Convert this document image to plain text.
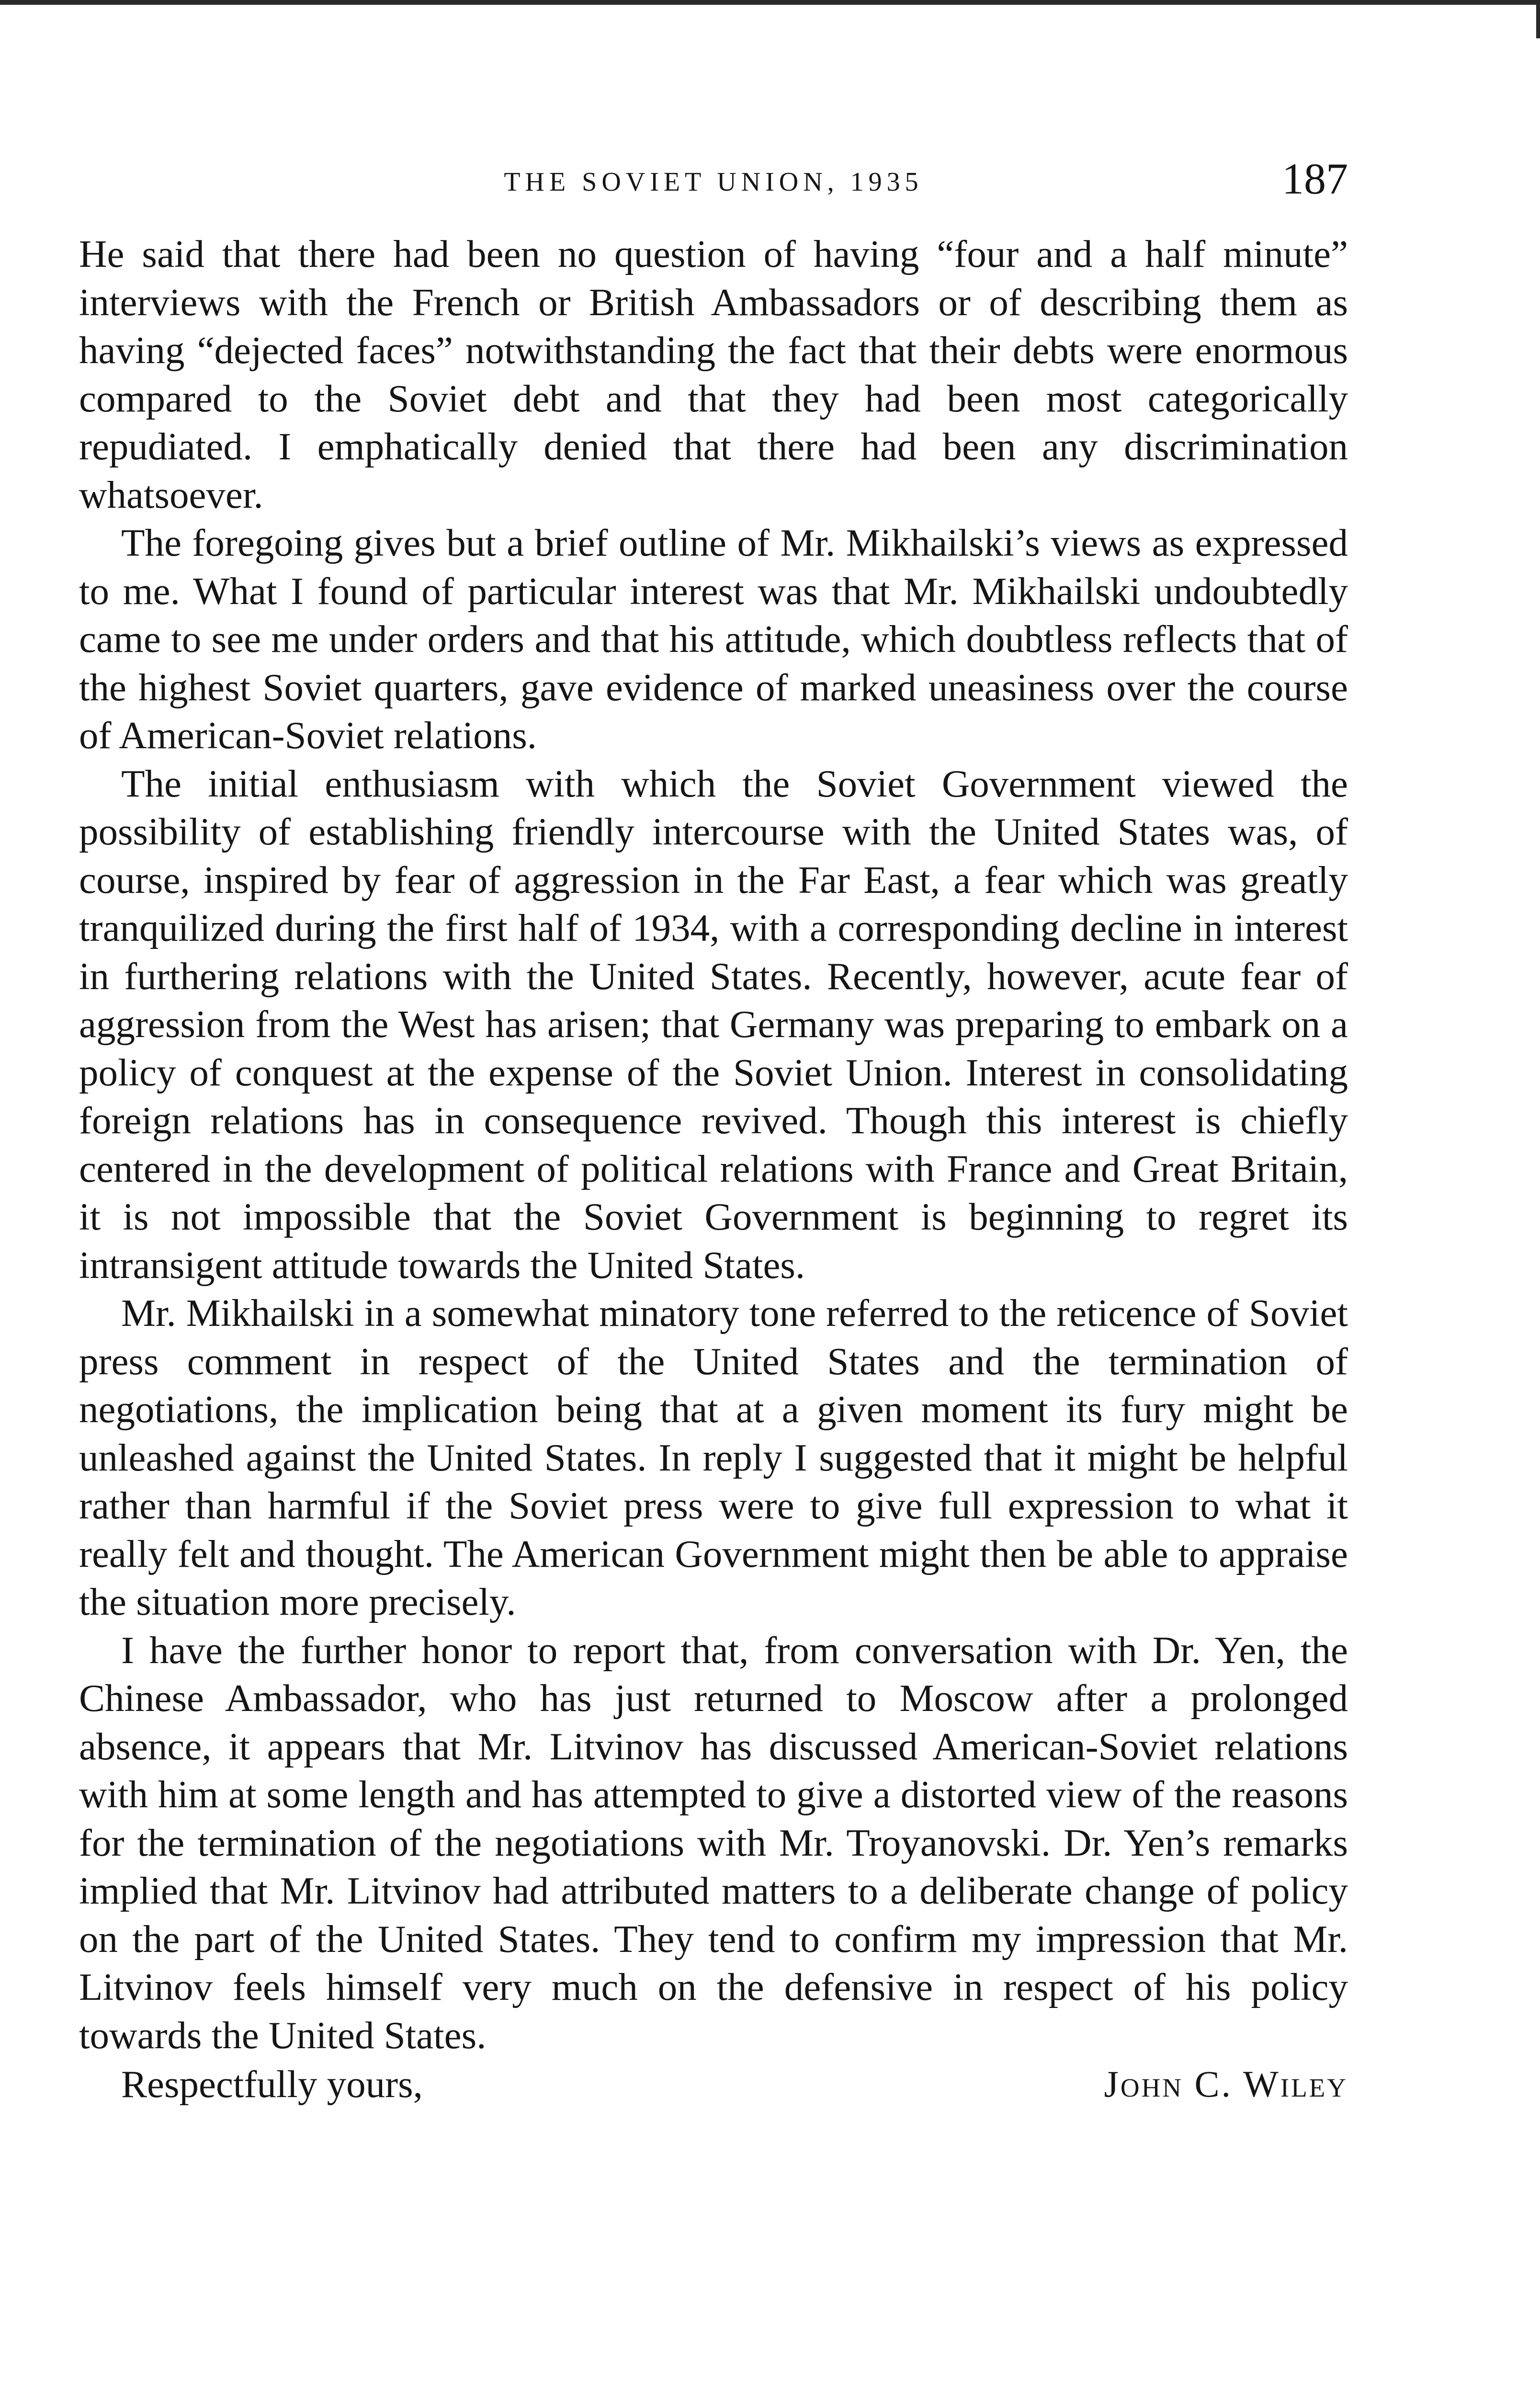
THE SOVIET UNION, 1935	187

He said that there had been no question of having “four and a half minute” interviews with the French or British Ambassadors or of describing them as having “dejected faces” notwithstanding the fact that their debts were enormous compared to the Soviet debt and that they had been most categorically repudiated. I emphatically denied that there had been any discrimination whatsoever.

The foregoing gives but a brief outline of Mr. Mikhailski’s views as expressed to me. What I found of particular interest was that Mr. Mikhailski undoubtedly came to see me under orders and that his attitude, which doubtless reflects that of the highest Soviet quarters, gave evidence of marked uneasiness over the course of American-Soviet relations.

The initial enthusiasm with which the Soviet Government viewed the possibility of establishing friendly intercourse with the United States was, of course, inspired by fear of aggression in the Far East, a fear which was greatly tranquilized during the first half of 1934, with a corresponding decline in interest in furthering relations with the United States. Recently, however, acute fear of aggression from the West has arisen; that Germany was preparing to embark on a policy of conquest at the expense of the Soviet Union. Interest in consolidating foreign relations has in consequence revived. Though this interest is chiefly centered in the development of political relations with France and Great Britain, it is not impossible that the Soviet Government is beginning to regret its intransigent attitude towards the United States.

Mr. Mikhailski in a somewhat minatory tone referred to the reticence of Soviet press comment in respect of the United States and the termination of negotiations, the implication being that at a given moment its fury might be unleashed against the United States. In reply I suggested that it might be helpful rather than harmful if the Soviet press were to give full expression to what it really felt and thought. The American Government might then be able to appraise the situation more precisely.

I have the further honor to report that, from conversation with Dr. Yen, the Chinese Ambassador, who has just returned to Moscow after a prolonged absence, it appears that Mr. Litvinov has discussed American-Soviet relations with him at some length and has attempted to give a distorted view of the reasons for the termination of the negotiations with Mr. Troyanovski. Dr. Yen’s remarks implied that Mr. Litvinov had attributed matters to a deliberate change of policy on the part of the United States. They tend to confirm my impression that Mr. Litvinov feels himself very much on the defensive in respect of his policy towards the United States.

Respectfully yours,	John C. Wiley
